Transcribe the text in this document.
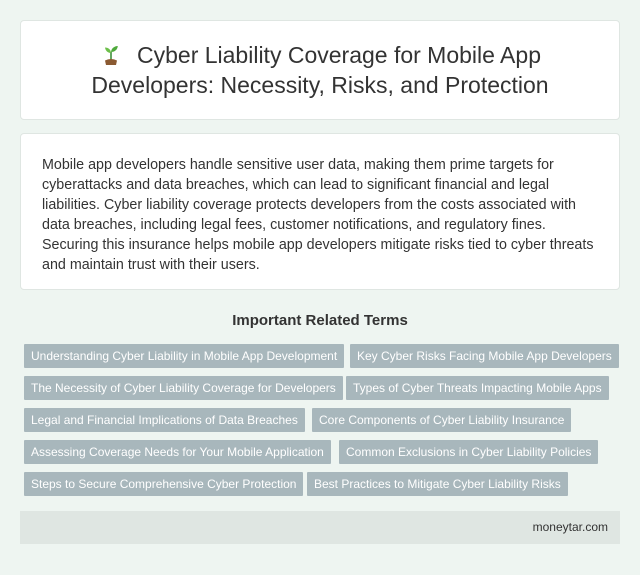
Cyber Liability Coverage for Mobile App Developers: Necessity, Risks, and Protection

Mobile app developers handle sensitive user data, making them prime targets for cyberattacks and data breaches, which can lead to significant financial and legal liabilities. Cyber liability coverage protects developers from the costs associated with data breaches, including legal fees, customer notifications, and regulatory fines. Securing this insurance helps mobile app developers mitigate risks tied to cyber threats and maintain trust with their users.

Important Related Terms
Understanding Cyber Liability in Mobile App Development	Key Cyber Risks Facing Mobile App Developers
The Necessity of Cyber Liability Coverage for Developers	Types of Cyber Threats Impacting Mobile Apps
Legal and Financial Implications of Data Breaches	Core Components of Cyber Liability Insurance
Assessing Coverage Needs for Your Mobile Application	Common Exclusions in Cyber Liability Policies
Steps to Secure Comprehensive Cyber Protection	Best Practices to Mitigate Cyber Liability Risks
moneytar.com
